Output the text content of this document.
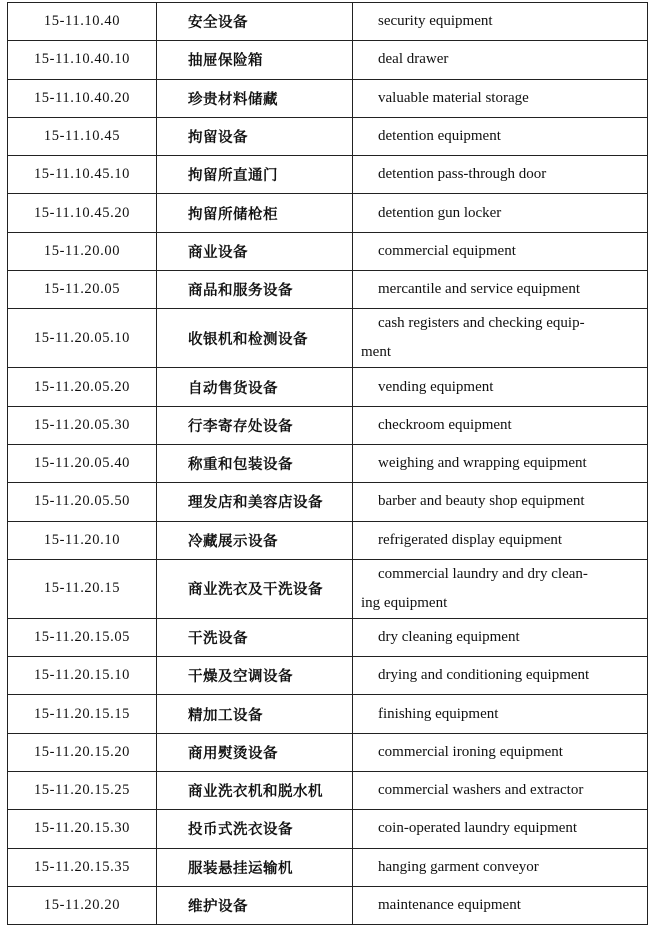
15-11.10.40	安全设备	security equipment
15-11.10.40.10	抽屉保险箱	deal drawer
15-11.10.40.20	珍贵材料储藏	valuable material storage
15-11.10.45	拘留设备	detention equipment
15-11.10.45.10	拘留所直通门	detention pass-through door
15-11.10.45.20	拘留所储枪柜	detention gun locker
15-11.20.00	商业设备	commercial equipment
15-11.20.05	商品和服务设备	mercantile and service equipment
15-11.20.05.10	收银机和检测设备	cash registers and checking equip-
ment
15-11.20.05.20	自动售货设备	vending equipment
15-11.20.05.30	行李寄存处设备	checkroom equipment
15-11.20.05.40	称重和包装设备	weighing and wrapping equipment
15-11.20.05.50	理发店和美容店设备	barber and beauty shop equipment
15-11.20.10	冷藏展示设备	refrigerated display equipment
15-11.20.15	商业洗衣及干洗设备	commercial laundry and dry clean-
ing equipment
15-11.20.15.05	干洗设备	dry cleaning equipment
15-11.20.15.10	干燥及空调设备	drying and conditioning equipment
15-11.20.15.15	精加工设备	finishing equipment
15-11.20.15.20	商用熨烫设备	commercial ironing equipment
15-11.20.15.25	商业洗衣机和脱水机	commercial washers and extractor
15-11.20.15.30	投币式洗衣设备	coin-operated laundry equipment
15-11.20.15.35	服装悬挂运输机	hanging garment conveyor
15-11.20.20	维护设备	maintenance equipment
